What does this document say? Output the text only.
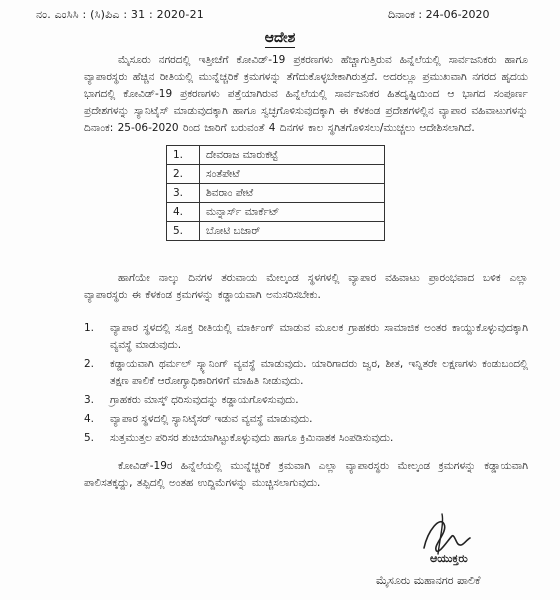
ನಂ. ಎಂಸಿಸಿ : (ಸಿ)ಪಿಎ : 31 : 2020-21	ದಿನಾಂಕ : 24-06-2020
ಆದೇಶ
ಮೈಸೂರು ನಗರದಲ್ಲಿ ಇತ್ತೀಚೆಗೆ ಕೋವಿಡ್-19 ಪ್ರಕರಣಗಳು ಹೆಚ್ಚಾಗುತ್ತಿರುವ ಹಿನ್ನೆಲೆಯಲ್ಲಿ ಸಾರ್ವಜನಿಕರು ಹಾಗೂ ವ್ಯಾಪಾರಸ್ಥರು ಹೆಚ್ಚಿನ ರೀತಿಯಲ್ಲಿ ಮುನ್ನೆಚ್ಚರಿಕೆ ಕ್ರಮಗಳನ್ನು ತೆಗೆದುಕೊಳ್ಳಬೇಕಾಗಿರುತ್ತದೆ. ಅದರಲ್ಲೂ ಪ್ರಮುಖವಾಗಿ ನಗರದ ಹೃದಯ ಭಾಗದಲ್ಲಿ ಕೋವಿಡ್-19 ಪ್ರಕರಣಗಳು ಪತ್ತೆಯಾಗಿರುವ ಹಿನ್ನೆಲೆಯಲ್ಲಿ ಸಾರ್ವಜನಿಕರ ಹಿತದೃಷ್ಟಿಯಿಂದ ಆ ಭಾಗದ ಸಂಪೂರ್ಣ ಪ್ರದೇಶಗಳನ್ನು ಸ್ಯಾನಿಟೈಸ್ ಮಾಡುವುದಕ್ಕಾಗಿ ಹಾಗೂ ಸ್ವಚ್ಛಗೊಳಿಸುವುದಕ್ಕಾಗಿ ಈ ಕೆಳಕಂಡ ಪ್ರದೇಶಗಳಲ್ಲಿನ ವ್ಯಾಪಾರ ವಹಿವಾಟುಗಳನ್ನು ದಿನಾಂಕ: 25-06-2020 ರಿಂದ ಜಾರಿಗೆ ಬರುವಂತೆ 4 ದಿನಗಳ ಕಾಲ ಸ್ಥಗಿತಗೊಳಿಸಲು/ಮುಚ್ಚಲು ಆದೇಶಿಸಲಾಗಿದೆ.
1.	ದೇವರಾಜ ಮಾರುಕಟ್ಟೆ
2.	ಸಂತೆಪೇಟೆ
3.	ಶಿವರಾಂ ಪೇಟೆ
4.	ಮನ್ನಾರ್ಸ್ ಮಾರ್ಕೆಟ್
5.	ಬೋಟಿ ಬಜಾರ್
ಹಾಗೆಯೇ ನಾಲ್ಕು ದಿನಗಳ ತರುವಾಯ ಮೇಲ್ಕಂಡ ಸ್ಥಳಗಳಲ್ಲಿ ವ್ಯಾಪಾರ ವಹಿವಾಟು ಪ್ರಾರಂಭವಾದ ಬಳಿಕ ಎಲ್ಲಾ ವ್ಯಾಪಾರಸ್ಥರು ಈ ಕೆಳಕಂಡ ಕ್ರಮಗಳನ್ನು ಕಡ್ಡಾಯವಾಗಿ ಅನುಸರಿಸಬೇಕು.
1. ವ್ಯಾಪಾರ ಸ್ಥಳದಲ್ಲಿ ಸೂಕ್ತ ರೀತಿಯಲ್ಲಿ ಮಾರ್ಕಿಂಗ್ ಮಾಡುವ ಮೂಲಕ ಗ್ರಾಹಕರು ಸಾಮಾಜಿಕ ಅಂತರ ಕಾಯ್ದುಕೊಳ್ಳುವುದಕ್ಕಾಗಿ ವ್ಯವಸ್ಥೆ ಮಾಡುವುದು.
2. ಕಡ್ಡಾಯವಾಗಿ ಥರ್ಮಲ್ ಸ್ಕ್ಯಾನಿಂಗ್ ವ್ಯವಸ್ಥೆ ಮಾಡುವುದು. ಯಾರಿಗಾದರು ಜ್ವರ, ಶೀತ, ಇನ್ನಿತರೇ ಲಕ್ಷಣಗಳು ಕಂಡುಬಂದಲ್ಲಿ ತಕ್ಷಣ ಪಾಲಿಕೆ ಆರೋಗ್ಯಾಧಿಕಾರಿಗಳಿಗೆ ಮಾಹಿತಿ ನೀಡುವುದು.
3. ಗ್ರಾಹಕರು ಮಾಸ್ಕ್ ಧರಿಸುವುದನ್ನು ಕಡ್ಡಾಯಗೊಳಿಸುವುದು.
4. ವ್ಯಾಪಾರ ಸ್ಥಳದಲ್ಲಿ ಸ್ಯಾನಿಟೈಸರ್ ಇಡುವ ವ್ಯವಸ್ಥೆ ಮಾಡುವುದು.
5. ಸುತ್ತಮುತ್ತಲ ಪರಿಸರ ಶುಚಿಯಾಗಿಟ್ಟುಕೊಳ್ಳುವುದು ಹಾಗೂ ಕ್ರಿಮಿನಾಶಕ ಸಿಂಪಡಿಸುವುದು.
ಕೋವಿಡ್-19ರ ಹಿನ್ನೆಲೆಯಲ್ಲಿ ಮುನ್ನೆಚ್ಚರಿಕೆ ಕ್ರಮವಾಗಿ ಎಲ್ಲಾ ವ್ಯಾಪಾರಸ್ಥರು ಮೇಲ್ಕಂಡ ಕ್ರಮಗಳನ್ನು ಕಡ್ಡಾಯವಾಗಿ ಪಾಲಿಸತಕ್ಕದ್ದು, ತಪ್ಪಿದಲ್ಲಿ ಅಂತಹ ಉದ್ದಿಮೆಗಳನ್ನು ಮುಚ್ಚಿಸಲಾಗುವುದು.
ಆಯುಕ್ತರು
ಮೈಸೂರು ಮಹಾನಗರ ಪಾಲಿಕೆ
